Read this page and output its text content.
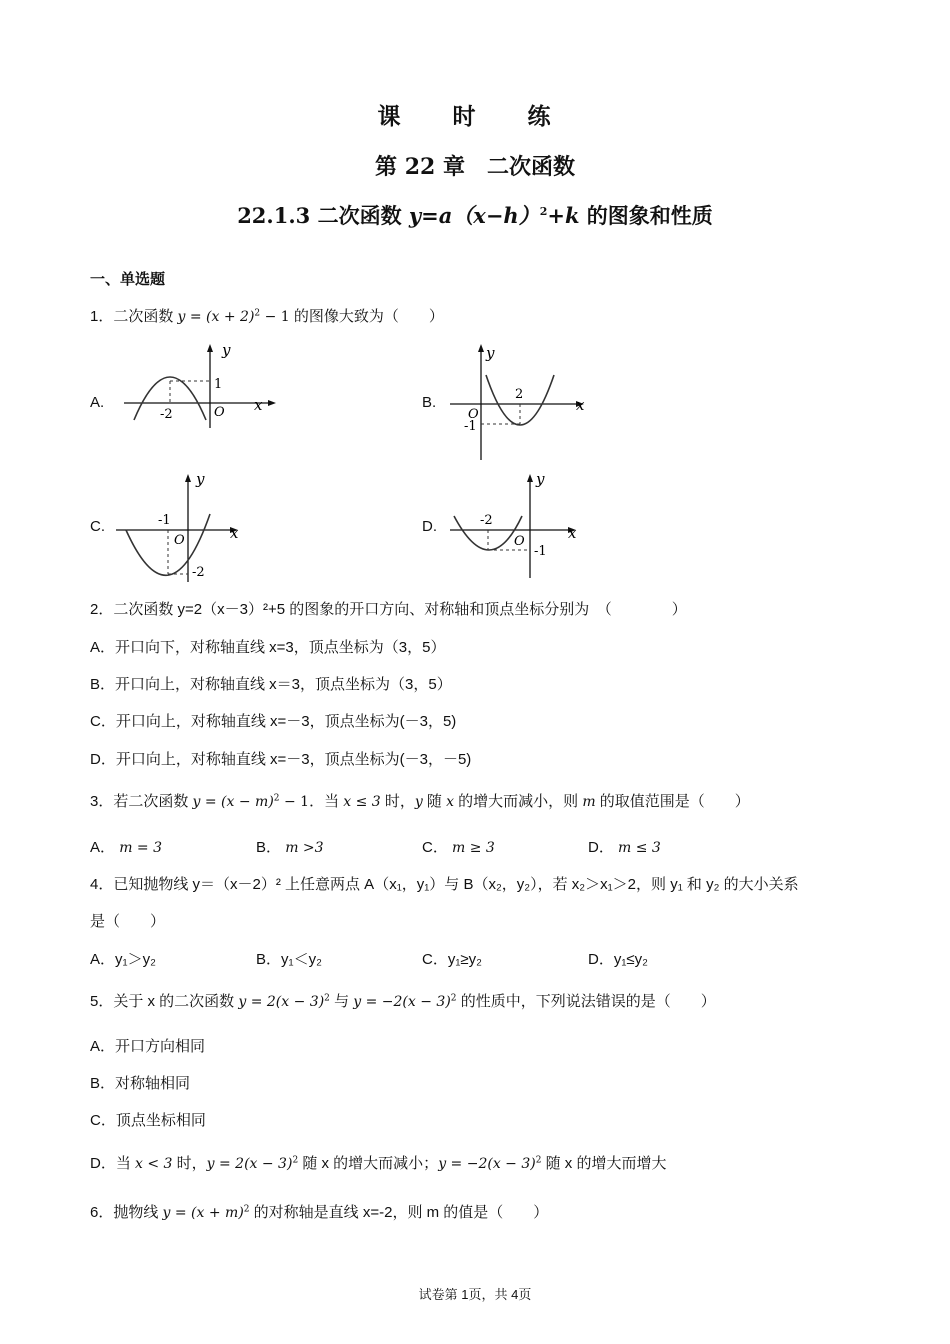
课 时 练
第 22 章　二次函数
22.1.3 二次函数 $y=a(x-h)^2+k$ 的图象和性质
一、单选题
1．二次函数 $y = (x + 2)^2 - 1$ 的图像大致为（　　）
A.	B.
C.	D.
y
x
O
-2
1
y
x
O
2
-1
y
x
O
-1
-2
y
x
O
-2
-1
2．二次函数 y=2（x－3）²+5 的图象的开口方向、对称轴和顶点坐标分别为　（　　　　）
A．开口向下，对称轴直线 x=3，顶点坐标为（3，5）
B．开口向上，对称轴直线 x＝3，顶点坐标为（3，5）
C．开口向上，对称轴直线 x=－3，顶点坐标为(－3，5)
D．开口向上，对称轴直线 x=－3，顶点坐标为(－3，－5)
3．若二次函数 $y = (x - m)^2 - 1$．当 x ≤ 3 时，y 随 x 的增大而减小，则 m 的取值范围是（　　）
A． m = 3	B． m >3	C． m ≥ 3	D． m ≤ 3
4．已知抛物线 y＝（x－2）² 上任意两点 A（x₁，y₁）与 B（x₂，y₂），若 x₂＞x₁＞2，则 y₁ 和 y₂ 的大小关系
是（　　）
A．y₁＞y₂	B．y₁＜y₂	C．y₁≥y₂	D．y₁≤y₂
5．关于 x 的二次函数 $y = 2(x - 3)^2$ 与 $y = -2(x - 3)^2$ 的性质中，下列说法错误的是（　　）
A．开口方向相同
B．对称轴相同
C．顶点坐标相同
D．当 x < 3 时，$y = 2(x - 3)^2$ 随 x 的增大而减小；$y = -2(x - 3)^2$ 随 x 的增大而增大
6．抛物线 $y = (x + m)^2$ 的对称轴是直线 x=-2，则 m 的值是（　　）
试卷第 1页，共 4页
